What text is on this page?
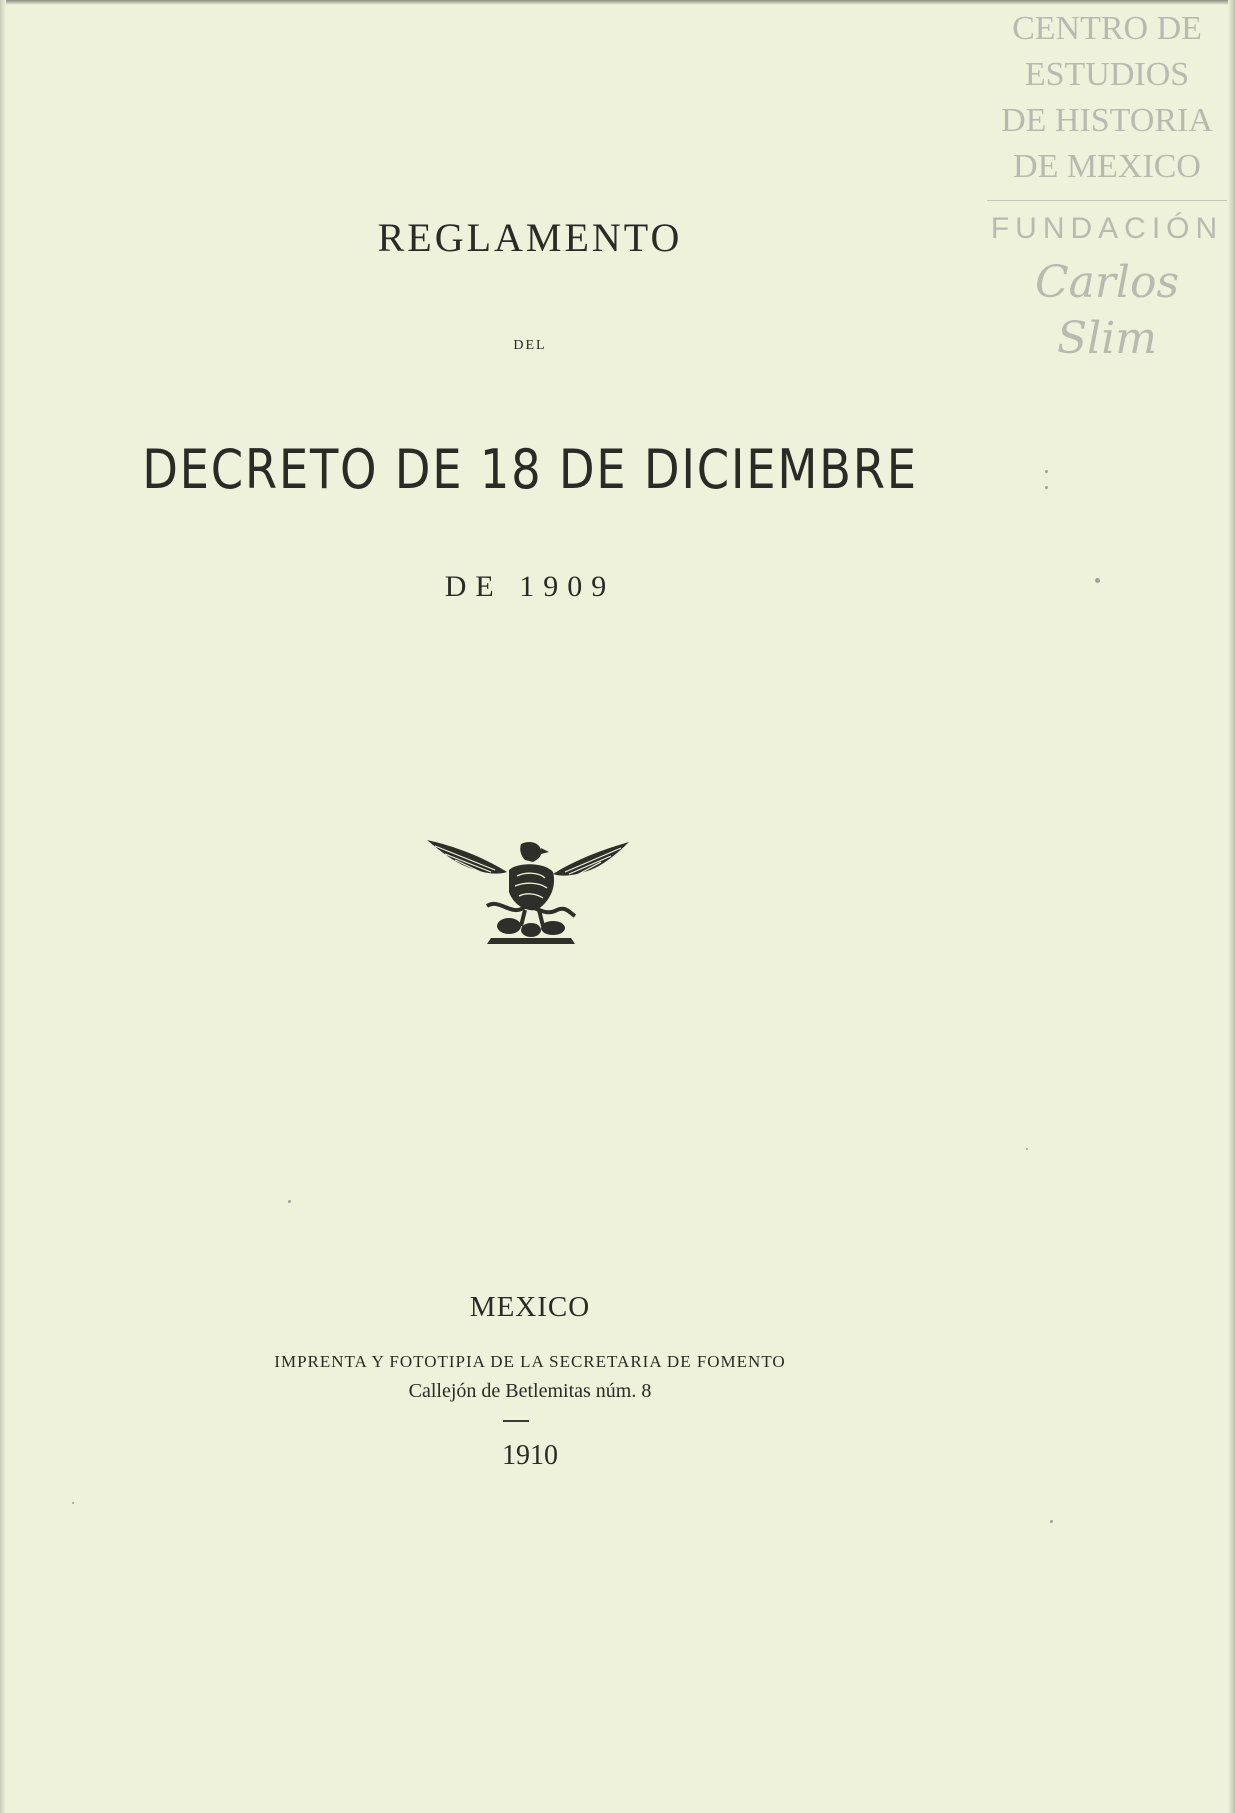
CENTRO DE
ESTUDIOS
DE HISTORIA
DE MEXICO
FUNDACIÓN
Carlos Slim
REGLAMENTO
DEL
DECRETO DE 18 DE DICIEMBRE
DE 1909
MEXICO
IMPRENTA Y FOTOTIPIA DE LA SECRETARIA DE FOMENTO
Callejón de Betlemitas núm. 8
1910
